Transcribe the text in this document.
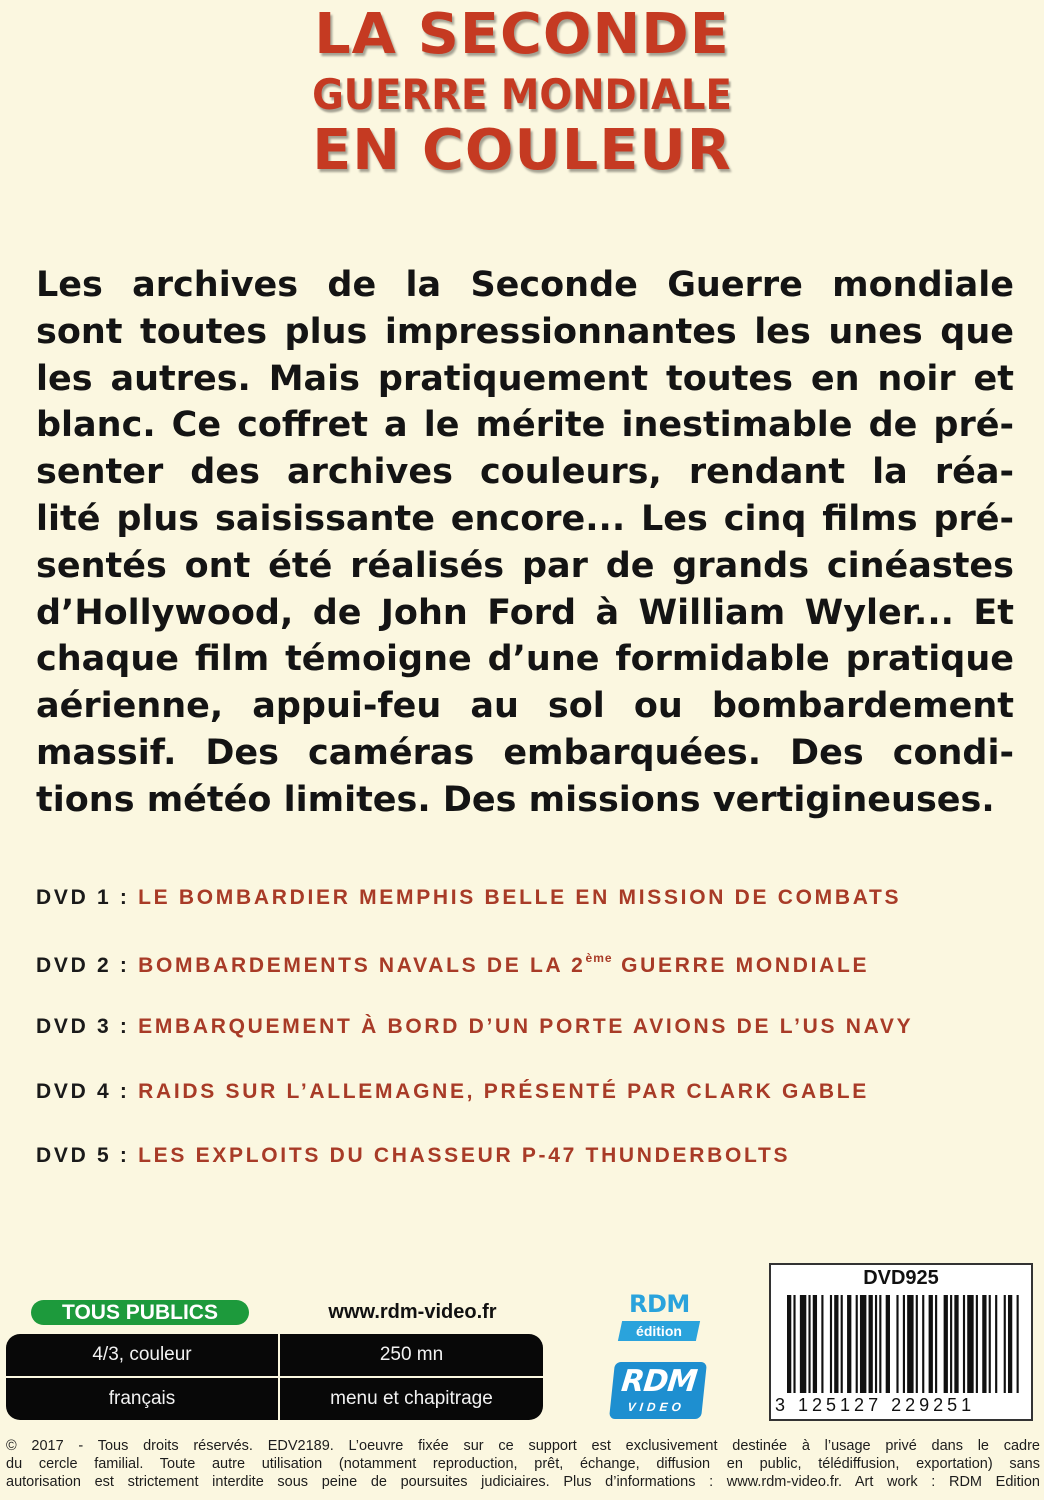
LA SECONDE
GUERRE MONDIALE
EN COULEUR
Les archives de la Seconde Guerre mondiale
sont toutes plus impressionnantes les unes que
les autres. Mais pratiquement toutes en noir et
blanc. Ce coffret a le mérite inestimable de pré-
senter des archives couleurs, rendant la réa-
lité plus saisissante encore... Les cinq films pré-
sentés ont été réalisés par de grands cinéastes
d’Hollywood, de John Ford à William Wyler... Et
chaque film témoigne d’une formidable pratique
aérienne, appui-feu au sol ou bombardement
massif. Des caméras embarquées. Des condi-
tions météo limites. Des missions vertigineuses.
DVD 1 : LE BOMBARDIER MEMPHIS BELLE EN MISSION DE COMBATS
DVD 2 : BOMBARDEMENTS NAVALS DE LA 2ème GUERRE MONDIALE
DVD 3 : EMBARQUEMENT À BORD D’UN PORTE AVIONS DE L’US NAVY
DVD 4 : RAIDS SUR L’ALLEMAGNE, PRÉSENTÉ PAR CLARK GABLE
DVD 5 : LES EXPLOITS DU CHASSEUR P-47 THUNDERBOLTS
TOUS PUBLICS	www.rdm-video.fr
4/3, couleur	250 mn
français	menu et chapitrage
RDM
édition
RDM
VIDEO
DVD925
3 125127 229251
© 2017 - Tous droits réservés. EDV2189. L’oeuvre fixée sur ce support est exclusivement destinée à l’usage privé dans le cadre
du cercle familial. Toute autre utilisation (notamment reproduction, prêt, échange, diffusion en public, télédiffusion, exportation) sans
autorisation est strictement interdite sous peine de poursuites judiciaires. Plus d’informations : www.rdm-video.fr. Art work : RDM Edition
